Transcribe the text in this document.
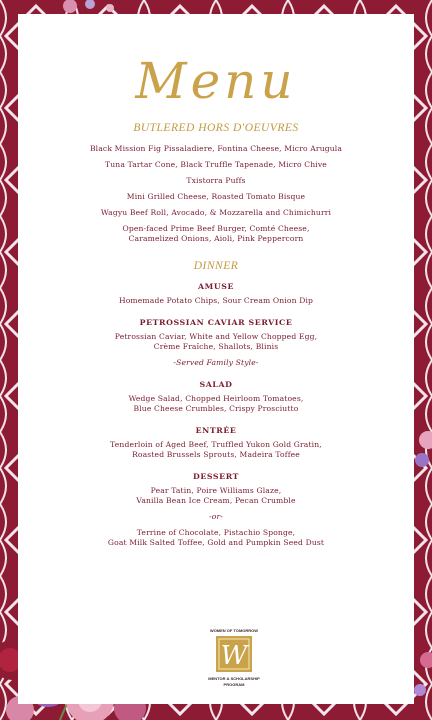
Menu
BUTLERED HORS D'OEUVRES
Black Mission Fig Pissaladiere, Fontina Cheese, Micro Arugula
Tuna Tartar Cone, Black Truffle Tapenade, Micro Chive
Txistorra Puffs
Mini Grilled Cheese, Roasted Tomato Bisque
Wagyu Beef Roll, Avocado, & Mozzarella and Chimichurri
Open-faced Prime Beef Burger, Comté Cheese,
Caramelized Onions, Aioli, Pink Peppercorn
DINNER
AMUSE
Homemade Potato Chips, Sour Cream Onion Dip
PETROSSIAN CAVIAR SERVICE
Petrossian Caviar, White and Yellow Chopped Egg,
Crème Fraîche, Shallots, Blinis
-Served Family Style-
SALAD
Wedge Salad, Chopped Heirloom Tomatoes,
Blue Cheese Crumbles, Crispy Prosciutto
ENTRÉE
Tenderloin of Aged Beef, Truffled Yukon Gold Gratin,
Roasted Brussels Sprouts, Madeira Toffee
DESSERT
Pear Tatin, Poire Williams Glaze,
Vanilla Bean Ice Cream, Pecan Crumble
-or-
Terrine of Chocolate, Pistachio Sponge,
Goat Milk Salted Toffee, Gold and Pumpkin Seed Dust
WOMEN OF TOMORROW
W
MENTOR & SCHOLARSHIP
PROGRAM
